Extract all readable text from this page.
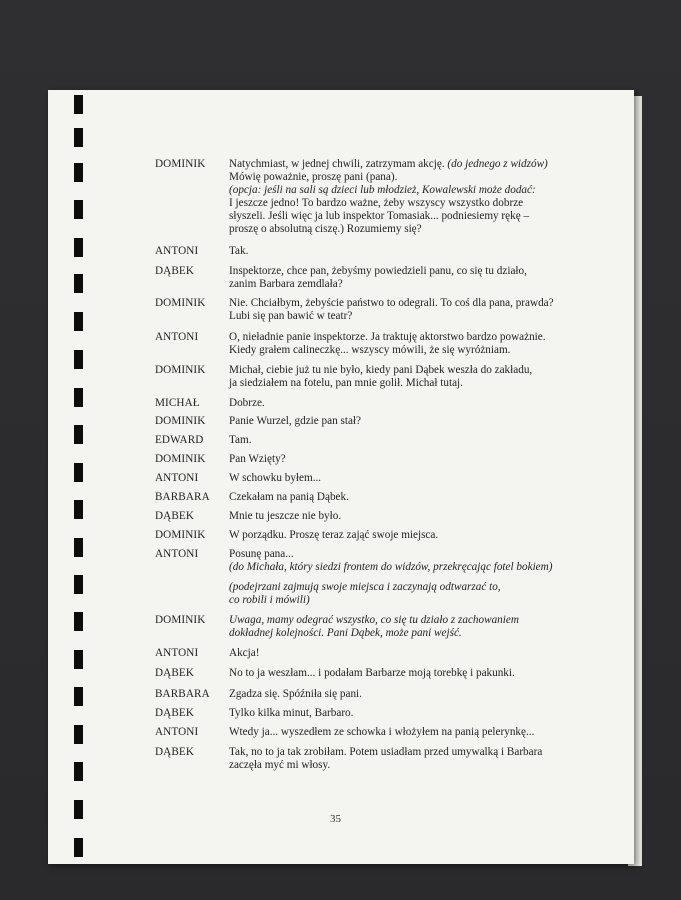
DOMINIK Natychmiast, w jednej chwili, zatrzymam akcję. (do jednego z widzów)
Mówię poważnie, proszę pani (pana).
(opcja: jeśli na sali są dzieci lub młodzież, Kowalewski może dodać:
I jeszcze jedno! To bardzo ważne, żeby wszyscy wszystko dobrze
słyszeli. Jeśli więc ja lub inspektor Tomasiak... podniesiemy rękę –
proszę o absolutną ciszę.) Rozumiemy się?
ANTONI	Tak.
DĄBEK	Inspektorze, chce pan, żebyśmy powiedzieli panu, co się tu działo,
zanim Barbara zemdlała?
DOMINIK Nie. Chciałbym, żebyście państwo to odegrali. To coś dla pana, prawda?
Lubi się pan bawić w teatr?
ANTONI	O, nieładnie panie inspektorze. Ja traktuję aktorstwo bardzo poważnie.
Kiedy grałem calineczkę... wszyscy mówili, że się wyróżniam.
DOMINIK Michał, ciebie już tu nie było, kiedy pani Dąbek weszła do zakładu,
ja siedziałem na fotelu, pan mnie golił. Michał tutaj.
MICHAŁ	Dobrze.
DOMINIK Panie Wurzel, gdzie pan stał?
EDWARD Tam.
DOMINIK Pan Wzięty?
ANTONI	W schowku byłem...
BARBARA Czekałam na panią Dąbek.
DĄBEK	Mnie tu jeszcze nie było.
DOMINIK W porządku. Proszę teraz zająć swoje miejsca.
ANTONI	Posunę pana...
(do Michała, który siedzi frontem do widzów, przekręcając fotel bokiem)
(podejrzani zajmują swoje miejsca i zaczynają odtwarzać to,
co robili i mówili)
DOMINIK Uwaga, mamy odegrać wszystko, co się tu działo z zachowaniem
dokładnej kolejności. Pani Dąbek, może pani wejść.
ANTONI	Akcja!
DĄBEK	No to ja weszłam... i podałam Barbarze moją torebkę i pakunki.
BARBARA Zgadza się. Spóźniła się pani.
DĄBEK	Tylko kilka minut, Barbaro.
ANTONI	Wtedy ja... wyszedłem ze schowka i włożyłem na panią pelerynkę...
DĄBEK	Tak, no to ja tak zrobiłam. Potem usiadłam przed umywalką i Barbara
zaczęła myć mi włosy.
35
